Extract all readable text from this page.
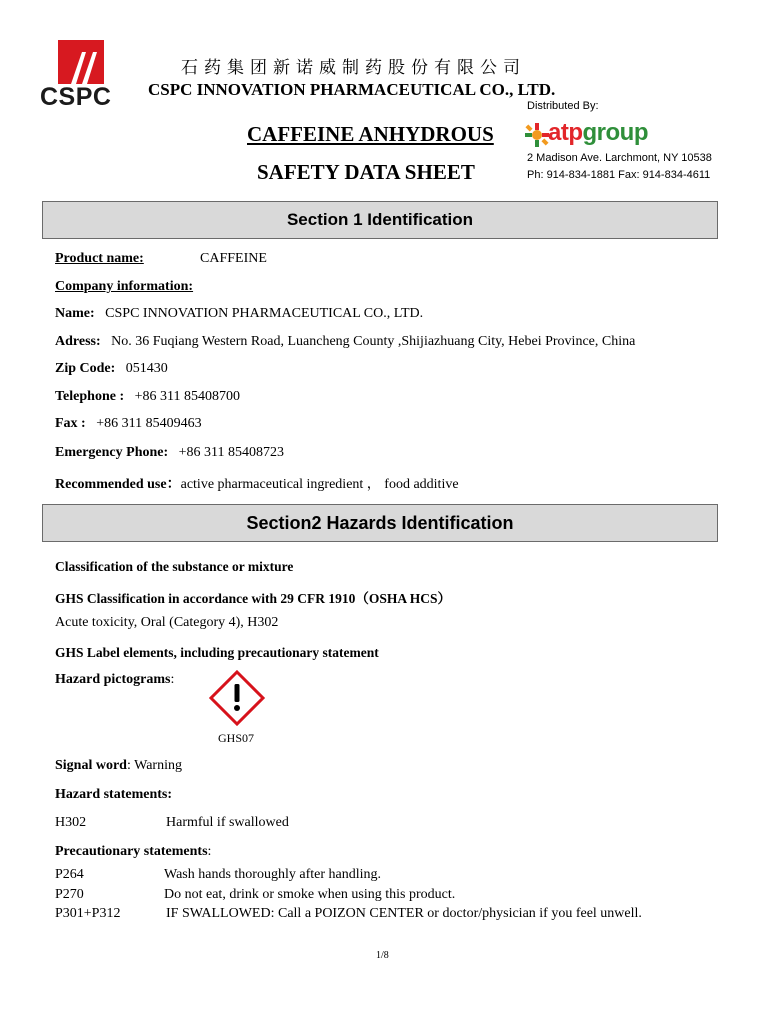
CSPC
石药集团新诺威制药股份有限公司
CSPC INNOVATION PHARMACEUTICAL CO., LTD.
Distributed By:
CAFFEINE ANHYDROUS
SAFETY DATA SHEET
atpgroup
2 Madison Ave. Larchmont, NY 10538
Ph: 914-834-1881 Fax: 914-834-4611
Section 1 Identification
Product name:	CAFFEINE
Company information:
Name: CSPC INNOVATION PHARMACEUTICAL CO., LTD.
Adress: No. 36 Fuqiang Western Road, Luancheng County ,Shijiazhuang City, Hebei Province, China
Zip Code: 051430
Telephone : +86 311 85408700
Fax : +86 311 85409463
Emergency Phone: +86 311 85408723
Recommended use：active pharmaceutical ingredient ， food additive
Section2 Hazards Identification
Classification of the substance or mixture
GHS Classification in accordance with 29 CFR 1910（OSHA HCS）
Acute toxicity, Oral (Category 4), H302
GHS Label elements, including precautionary statement
Hazard pictograms:
GHS07
Signal word: Warning
Hazard statements:
H302	Harmful if swallowed
Precautionary statements:
P264	Wash hands thoroughly after handling.
P270	Do not eat, drink or smoke when using this product.
P301+P312	IF SWALLOWED: Call a POIZON CENTER or doctor/physician if you feel unwell.
1/8
